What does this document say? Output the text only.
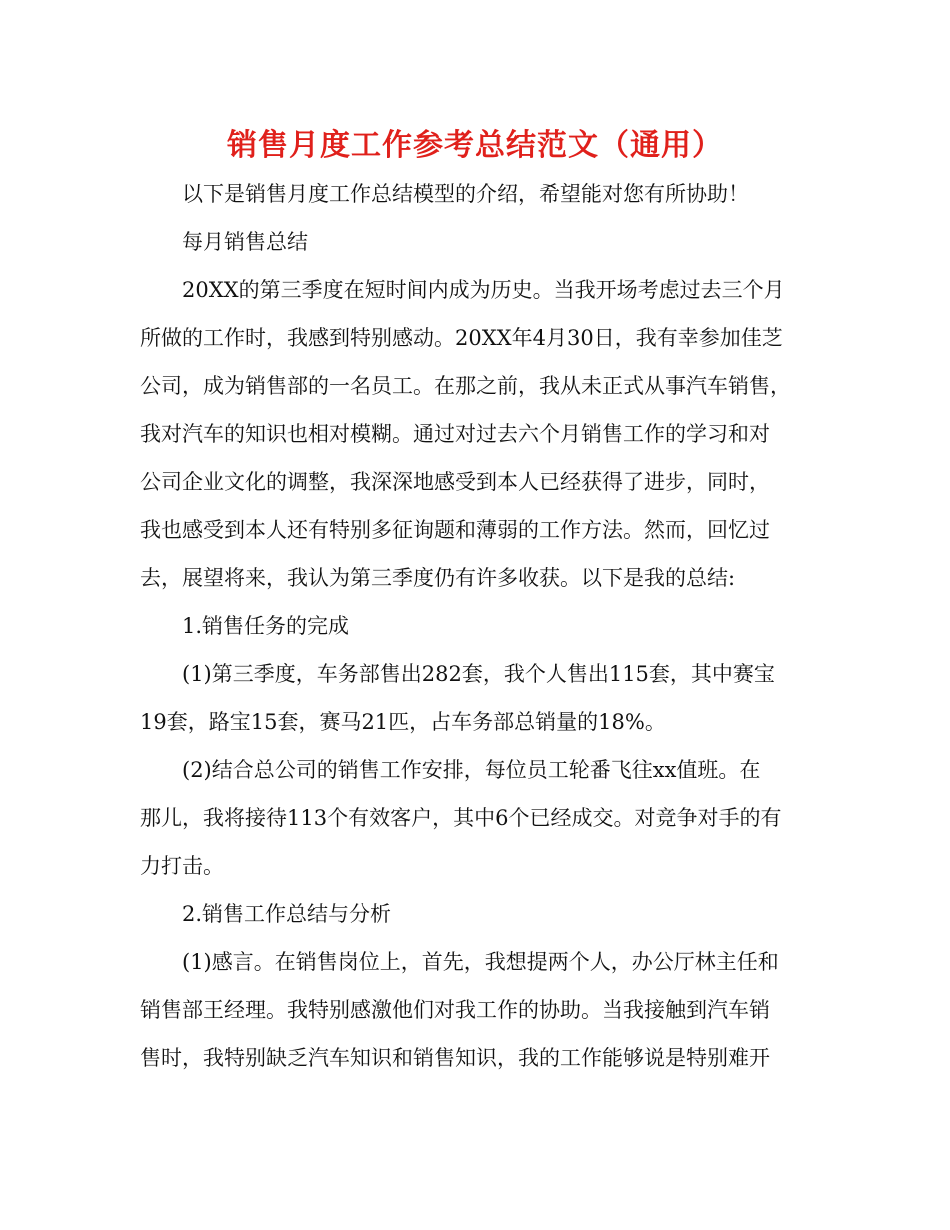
销售月度工作参考总结范文（通用）

以下是销售月度工作总结模型的介绍，希望能对您有所协助！

每月销售总结

20XX的第三季度在短时间内成为历史。当我开场考虑过去三个月

所做的工作时，我感到特别感动。20XX年4月30日，我有幸参加佳芝

公司，成为销售部的一名员工。在那之前，我从未正式从事汽车销售，

我对汽车的知识也相对模糊。通过对过去六个月销售工作的学习和对

公司企业文化的调整，我深深地感受到本人已经获得了进步，同时，

我也感受到本人还有特别多征询题和薄弱的工作方法。然而，回忆过

去，展望将来，我认为第三季度仍有许多收获。以下是我的总结:

1.销售任务的完成

(1)第三季度，车务部售出282套，我个人售出115套，其中赛宝

19套，路宝15套，赛马21匹，占车务部总销量的18%。

(2)结合总公司的销售工作安排，每位员工轮番飞往xx值班。在

那儿，我将接待113个有效客户，其中6个已经成交。对竞争对手的有

力打击。

2.销售工作总结与分析

(1)感言。在销售岗位上，首先，我想提两个人，办公厅林主任和

销售部王经理。我特别感激他们对我工作的协助。当我接触到汽车销

售时，我特别缺乏汽车知识和销售知识，我的工作能够说是特别难开
